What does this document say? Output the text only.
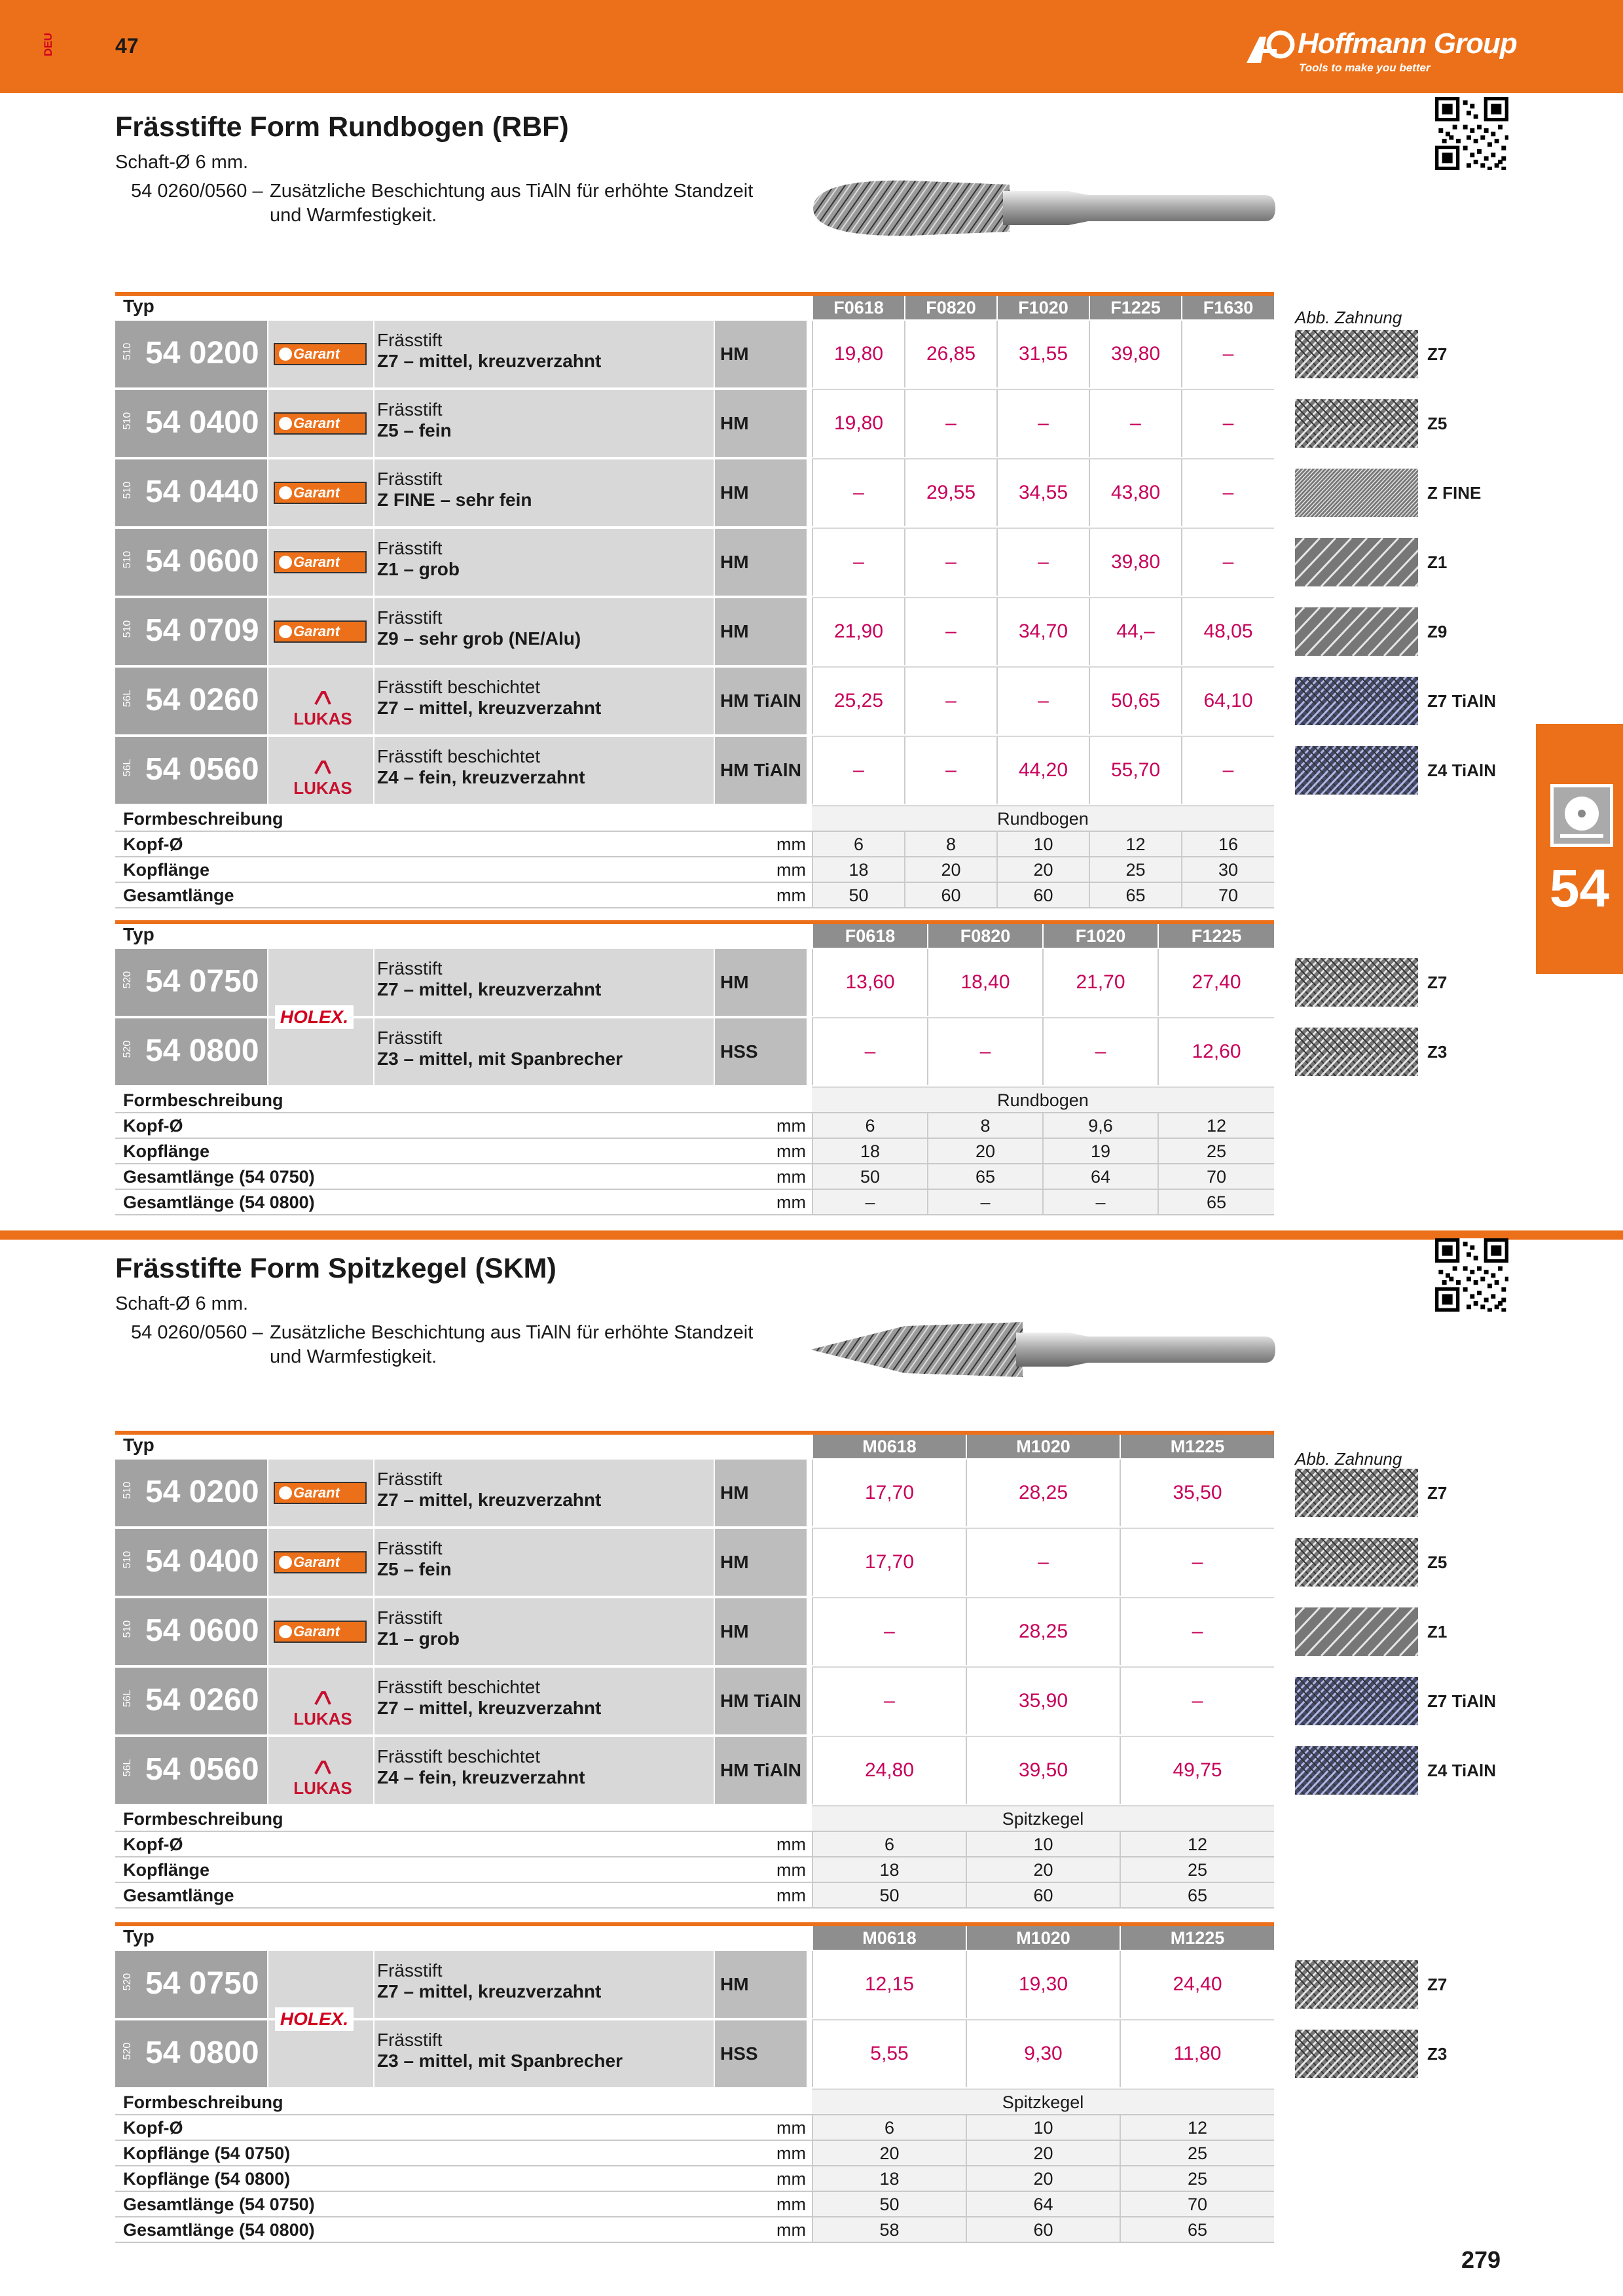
DEU	47	Hoffmann Group
Tools to make you better
54
Frässtifte Form Rundbogen (RBF)
Schaft-Ø 6 mm.
54 0260/0560 – Zusätzliche Beschichtung aus TiAlN für erhöhte Standzeit und Warmfestigkeit.
Abb. Zahnung
Typ	F0618	F0820	F1020	F1225	F1630
510 54 0200 Garant
Frässtift
Z7 – mittel, kreuzverzahnt	HM	19,80	26,85	31,55	39,80	–
510 54 0400 Garant
Frässtift
Z5 – fein	HM	19,80	–	–	–	–
510 54 0440 Garant
Frässtift
Z FINE – sehr fein	HM	–	29,55	34,55	43,80	–
510 54 0600 Garant
Frässtift
Z1 – grob	HM	–	–	–	39,80	–
510 54 0709 Garant
Frässtift
Z9 – sehr grob (NE/Alu)	HM	21,90	–	34,70	44,–	48,05
56L 54 0260
LUKAS
Frässtift beschichtet
Z7 – mittel, kreuzverzahnt	HM TiAlN	25,25	–	–	50,65	64,10
56L 54 0560
LUKAS
Frässtift beschichtet
Z4 – fein, kreuzverzahnt	HM TiAlN	–	–	44,20	55,70	–
Formbeschreibung	Rundbogen
Kopf-Ø	mm	6	8	10	12	16
Kopflänge	mm	18	20	20	25	30
Gesamtlänge	mm	50	60	60	65	70
Z7
Z5
Z FINE
Z1
Z9
Z7 TiAlN
Z4 TiAlN
Typ	F0618	F0820	F1020	F1225
520 54 0750
HOLEX.
Frässtift
Z7 – mittel, kreuzverzahnt	HM	13,60	18,40	21,70	27,40
520 54 0800	Frässtift
Z3 – mittel, mit Spanbrecher	HSS	–	–	–	12,60
Formbeschreibung	Rundbogen
Kopf-Ø	mm	6	8	9,6	12
Kopflänge	mm	18	20	19	25
Gesamtlänge (54 0750)	mm	50	65	64	70
Gesamtlänge (54 0800)	mm	–	–	–	65
Z7
Z3
Frässtifte Form Spitzkegel (SKM)
Schaft-Ø 6 mm.
54 0260/0560 – Zusätzliche Beschichtung aus TiAlN für erhöhte Standzeit und Warmfestigkeit.
Abb. Zahnung
Typ	M0618	M1020	M1225
510 54 0200 Garant
Frässtift
Z7 – mittel, kreuzverzahnt	HM	17,70	28,25	35,50
510 54 0400 Garant
Frässtift
Z5 – fein	HM	17,70	–	–
510 54 0600 Garant
Frässtift
Z1 – grob	HM	–	28,25	–
56L 54 0260
LUKAS
Frässtift beschichtet
Z7 – mittel, kreuzverzahnt	HM TiAlN	–	35,90	–
56L 54 0560
LUKAS
Frässtift beschichtet
Z4 – fein, kreuzverzahnt	HM TiAlN	24,80	39,50	49,75
Formbeschreibung	Spitzkegel
Kopf-Ø	mm	6	10	12
Kopflänge	mm	18	20	25
Gesamtlänge	mm	50	60	65
Z7
Z5
Z1
Z7 TiAlN
Z4 TiAlN
Typ	M0618	M1020	M1225
520 54 0750
HOLEX.
Frässtift
Z7 – mittel, kreuzverzahnt	HM	12,15	19,30	24,40
520 54 0800	Frässtift
Z3 – mittel, mit Spanbrecher	HSS	5,55	9,30	11,80
Formbeschreibung	Spitzkegel
Kopf-Ø	mm	6	10	12
Kopflänge (54 0750)	mm	20	20	25
Kopflänge (54 0800)	mm	18	20	25
Gesamtlänge (54 0750)	mm	50	64	70
Gesamtlänge (54 0800)	mm	58	60	65
Z7
Z3
279
